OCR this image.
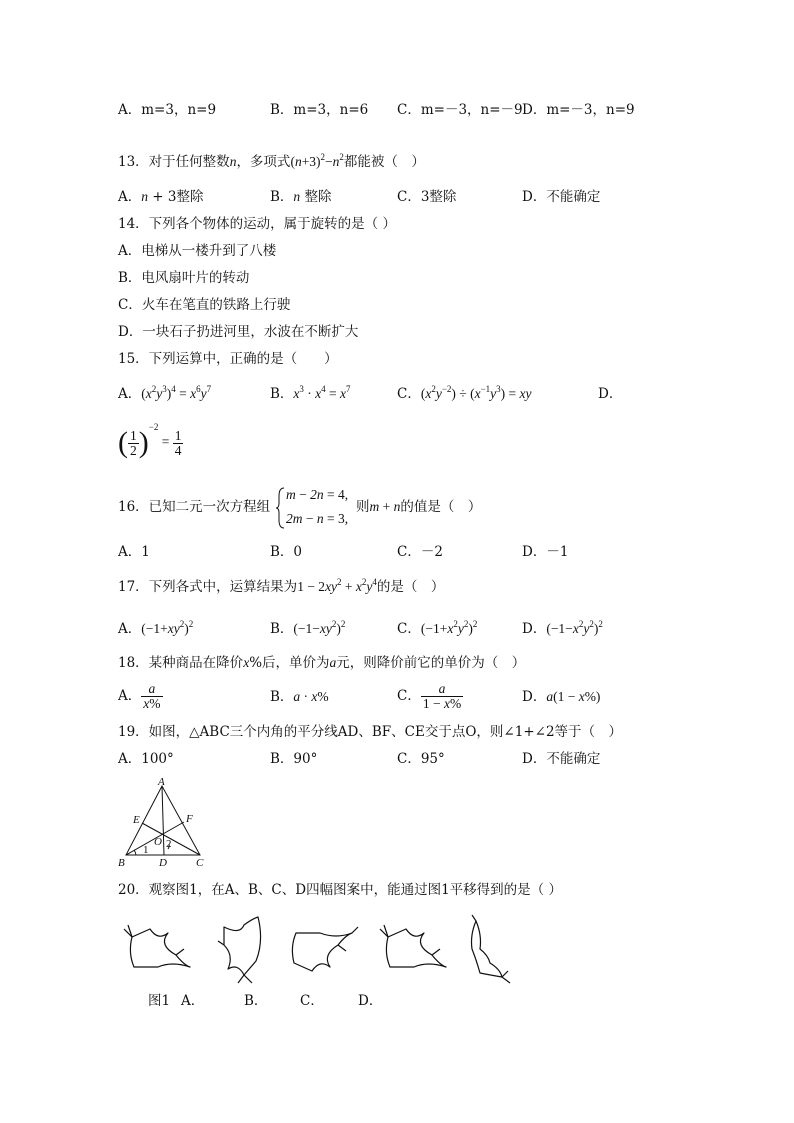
A．m=3，n=9	B．m=3，n=6 C．m=－3，n=－9 D．m=－3，n=9
13．对于任何整数n，多项式$(n+3)^2-n^2$都能被（　）
A．n + 3整除	B．n 整除	C．3整除	D．不能确定
14．下列各个物体的运动，属于旋转的是（ ）
A．电梯从一楼升到了八楼
B．电风扇叶片的转动
C．火车在笔直的铁路上行驶
D．一块石子扔进河里，水波在不断扩大
15．下列运算中，正确的是（　　）
A．$(x^2y^3)^4 = x^6y^7$	B．$x^3 \cdot x^4 = x^7$	C．$(x^2y^{-2}) \div (x^{-1}y^3)$ = xy	D．
( $\frac{1}{2} )^{-2} = \frac{1}{4}$
16．已知二元一次方程组
m − 2n = 4,
2m − n = 3,
则m + n的值是（　）
A．1	B．0	C．－2	D．－1
17．下列各式中，运算结果为$1 - 2xy^2 + x^2y^4$的是（　）
A．$(-1+xy^2)^2$	B．$(-1-xy^2)^2$	C．$(-1+x^2y^2)^2$	D．$(-1-x^2y^2)^2$
18．某种商品在降价x%后，单价为a元，则降价前它的单价为（　）
A． $\frac{a}{x\%}$	B．a · x%	C． $\frac{a}{1 - x\%}$	D．a(1 − x%)
19．如图，△ABC三个内角的平分线AD、BF、CE交于点O，则∠1+∠2等于（　）
A．100°	B．90°	C．95°	D．不能确定
A
E	F
O 2
1
B	D	C
20．观察图1，在A、B、C、D四幅图案中，能通过图1平移得到的是（ ）
图1 A．	B． C．	D．
